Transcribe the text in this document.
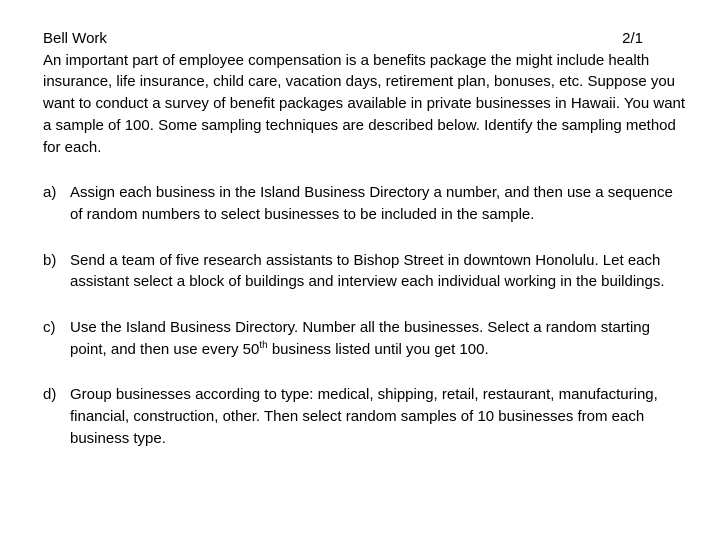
Bell Work	2/1

An important part of employee compensation is a benefits package the might include health insurance, life insurance, child care, vacation days, retirement plan, bonuses, etc. Suppose you want to conduct a survey of benefit packages available in private businesses in Hawaii. You want a sample of 100. Some sampling techniques are described below. Identify the sampling method for each.

a) Assign each business in the Island Business Directory a number, and then use a sequence of random numbers to select businesses to be included in the sample.
b) Send a team of five research assistants to Bishop Street in downtown Honolulu. Let each assistant select a block of buildings and interview each individual working in the buildings.
c) Use the Island Business Directory. Number all the businesses. Select a random starting point, and then use every 50th business listed until you get 100.
d) Group businesses according to type: medical, shipping, retail, restaurant, manufacturing, financial, construction, other. Then select random samples of 10 businesses from each business type.
